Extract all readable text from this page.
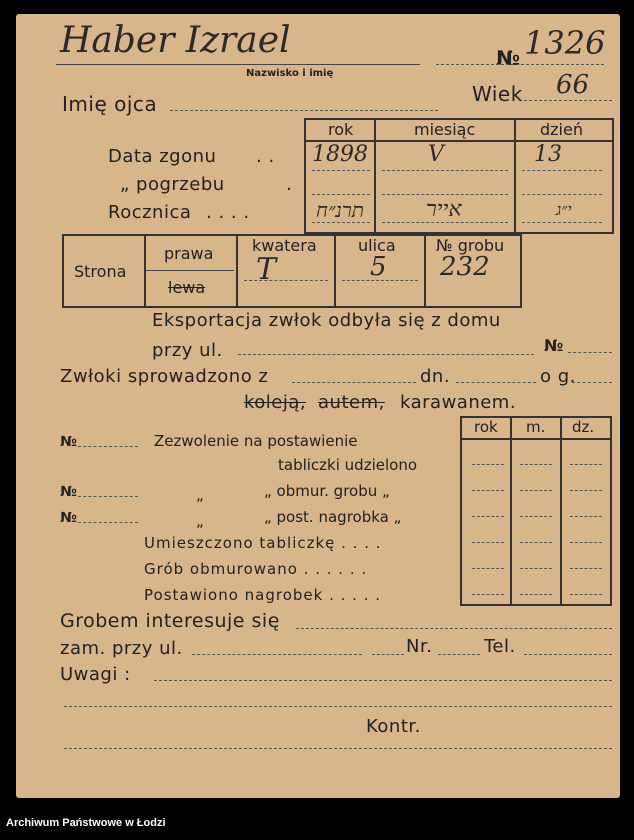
Haber Izrael
Nazwisko i imię
№ 1326
Wiek 66
Imię ojca
rok	miesiąc	dzień
Data zgonu . .
„ pogrzebu	.
Rocznica . . . .
1898	V	13
תרנ״ח	אייר	י״ג
Strona
prawa
lewa
kwatera
T
ulica
5
№ grobu
232
Eksportacja zwłok odbyła się z domu
przy ul.	№
Zwłoki sprowadzono z	dn.	o g.
koleją, autem, karawanem.
rok m. dz.
№	Zezwolenie na postawienie
tabliczki udzielono
№	„	„ obmur. grobu „
№	„	„ post. nagrobka „
Umieszczono tabliczkę . . . .
Grób obmurowano . . . . . .
Postawiono nagrobek . . . . .
Grobem interesuje się
zam. przy ul.	Nr.	Tel.
Uwagi :
Kontr.
Archiwum Państwowe w Łodzi
